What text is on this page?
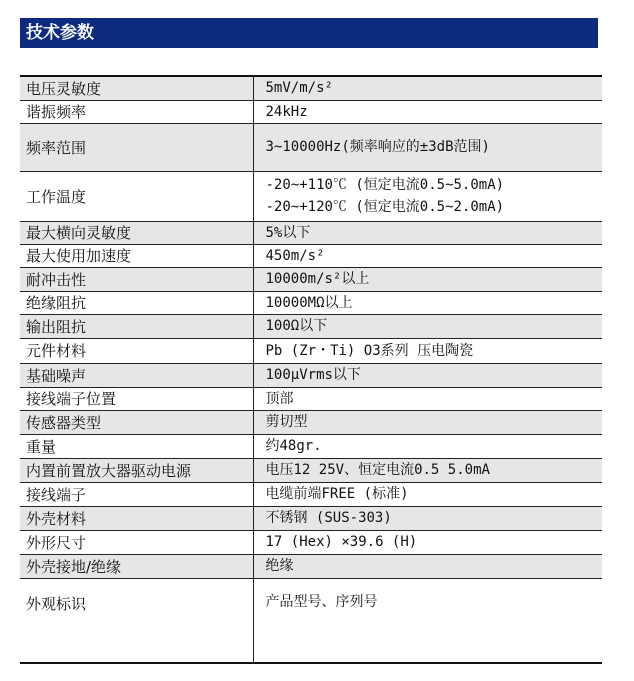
技术参数
电压灵敏度	5mV/m/s²

谐振频率	24kHz

频率范围	3~10000Hz(频率响应的±3dB范围)

工作温度	-20~+110℃ (恒定电流0.5~5.0mA)
-20~+120℃ (恒定电流0.5~2.0mA)

最大横向灵敏度	5%以下

最大使用加速度	450m/s²

耐冲击性	10000m/s²以上

绝缘阻抗	10000MΩ以上

输出阻抗	100Ω以下

元件材料	Pb (Zr・Ti) O3系列 压电陶瓷

基础噪声	100μVrms以下

接线端子位置	顶部

传感器类型	剪切型

重量	约48gr.

内置前置放大器驱动电源	电压12 25V、恒定电流0.5 5.0mA

接线端子	电缆前端FREE (标准)

外壳材料	不锈钢 (SUS-303)

外形尺寸	17 (Hex) ×39.6 (H)

外壳接地/绝缘	绝缘

外观标识	产品型号、序列号
